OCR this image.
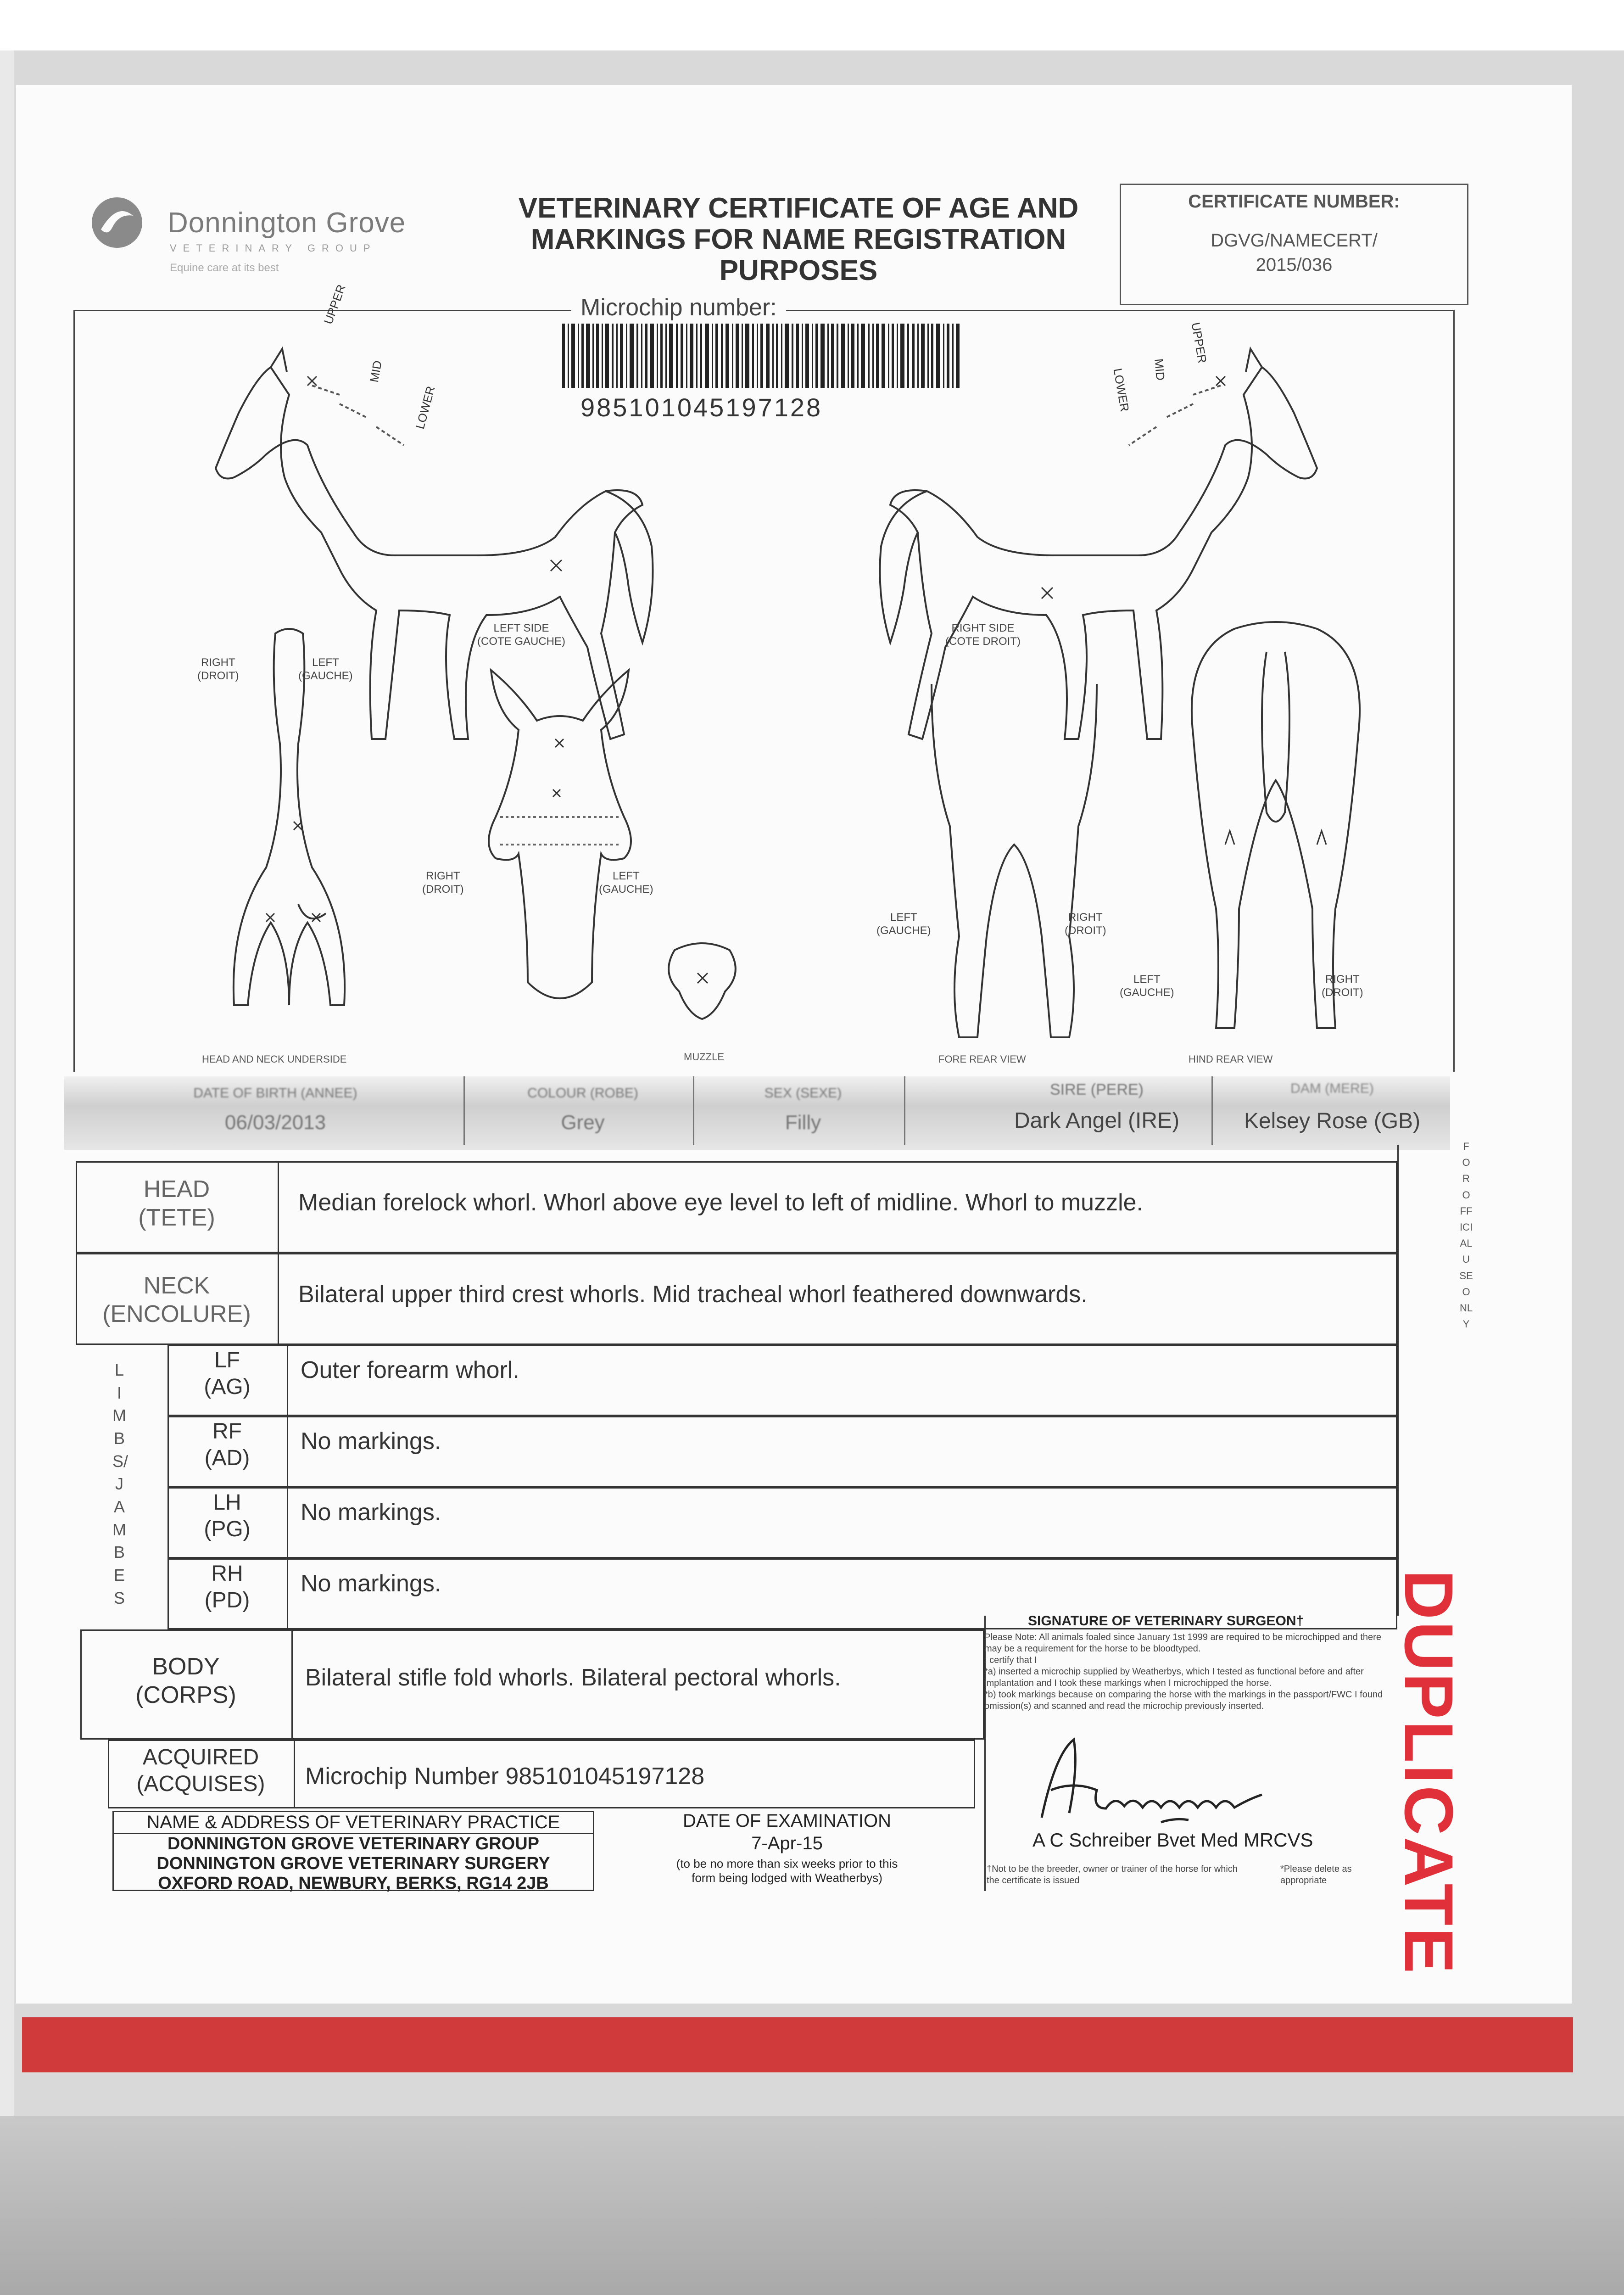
Donnington Grove
VETERINARY GROUP
Equine care at its best
VETERINARY CERTIFICATE OF AGE AND
MARKINGS FOR NAME REGISTRATION
PURPOSES
CERTIFICATE NUMBER:
DGVG/NAMECERT/
2015/036
Microchip number:
985101045197128
RIGHT
(DROIT)
LEFT
(GAUCHE)
RIGHT
(DROIT)
LEFT
(GAUCHE)
LEFT
(GAUCHE)
RIGHT
(DROIT)
LEFT
(GAUCHE)
RIGHT
(DROIT)
LEFT SIDE
(COTE GAUCHE)
RIGHT SIDE
(COTE DROIT)
UPPER
MID
LOWER
UPPER
MID
LOWER
HEAD AND NECK UNDERSIDE	MUZZLE	FORE REAR VIEW	HIND REAR VIEW
DATE OF BIRTH (ANNEE)
06/03/2013
COLOUR (ROBE)
Grey
SEX (SEXE)
Filly
SIRE (PERE)
Dark Angel (IRE)
DAM (MERE)
Kelsey Rose (GB)
FOR OFFICIAL USE ONLY
HEAD
(TETE)
Median forelock whorl. Whorl above eye level to left of midline. Whorl to muzzle.
NECK
(ENCOLURE)
Bilateral upper third crest whorls. Mid tracheal whorl feathered downwards.
LIMBS/JAMBES
LF
(AG)
Outer forearm whorl.
RF
(AD)
No markings.
LH
(PG)
No markings.
RH
(PD)
No markings.
BODY
(CORPS)
Bilateral stifle fold whorls. Bilateral pectoral whorls.
ACQUIRED
(ACQUISES)	Microchip Number 985101045197128
NAME & ADDRESS OF VETERINARY PRACTICE
DONNINGTON GROVE VETERINARY GROUP
DONNINGTON GROVE VETERINARY SURGERY
OXFORD ROAD, NEWBURY, BERKS, RG14 2JB
DATE OF EXAMINATION
7-Apr-15
(to be no more than six weeks prior to this
form being lodged with Weatherbys)
SIGNATURE OF VETERINARY SURGEON†
Please Note: All animals foaled since January 1st 1999 are required to be microchipped and there may be a requirement for the horse to be bloodtyped.
I certify that I
*a) inserted a microchip supplied by Weatherbys, which I tested as functional before and after implantation and I took these markings when I microchipped the horse.
*b) took markings because on comparing the horse with the markings in the passport/FWC I found omission(s) and scanned and read the microchip previously inserted.
A C Schreiber Bvet Med MRCVS
†Not to be the breeder, owner or trainer of the horse for which the certificate is issued
*Please delete as appropriate DUPLICATE
